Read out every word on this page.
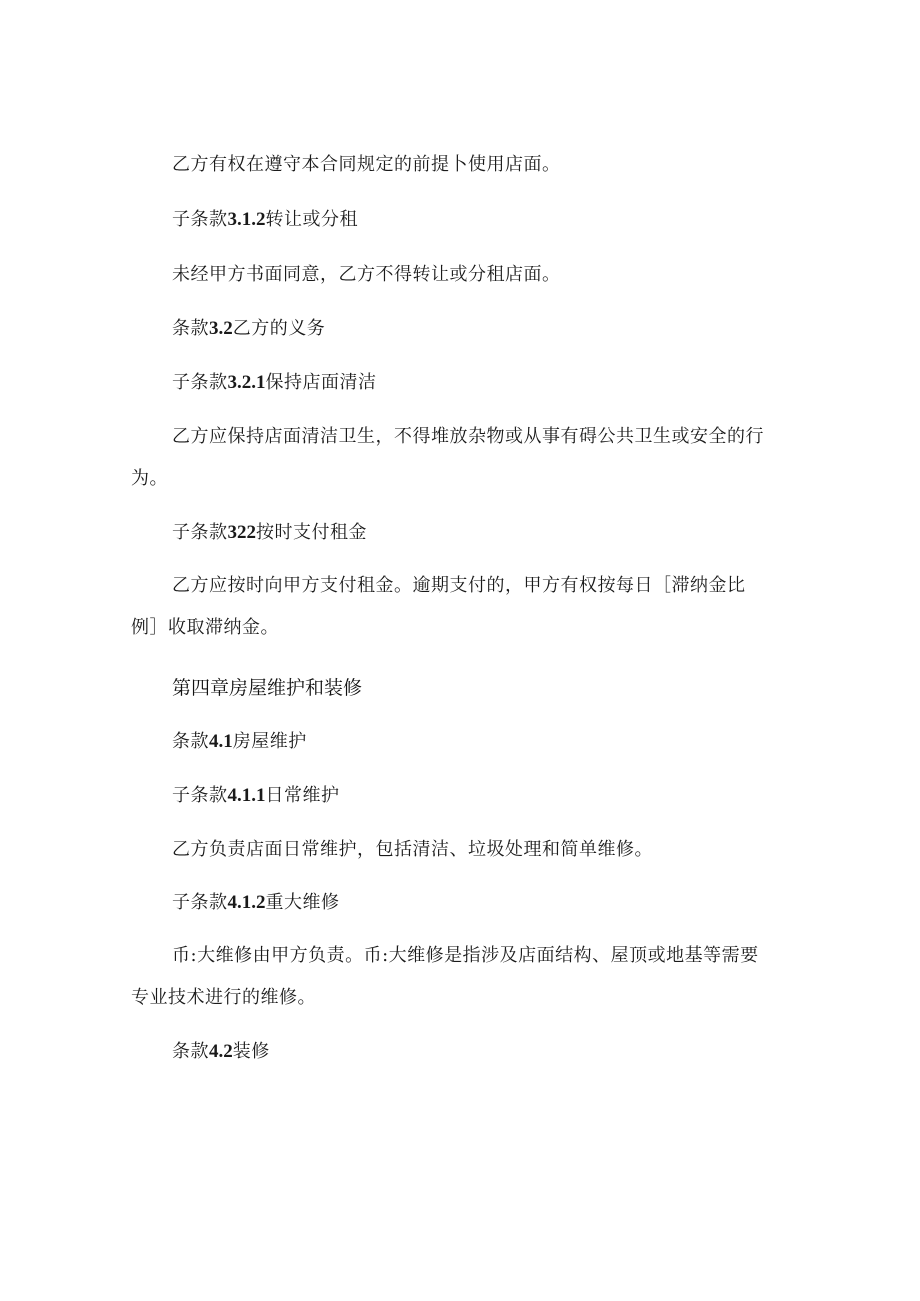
乙方有权在遵守本合同规定的前提卜使用店面。
子条款3.1.2转让或分租
未经甲方书面同意，乙方不得转让或分租店面。
条款3.2乙方的义务
子条款3.2.1保持店面清洁
乙方应保持店面清洁卫生，不得堆放杂物或从事有碍公共卫生或安全的行
为。
子条款322按时支付租金
乙方应按时向甲方支付租金。逾期支付的，甲方有权按每日［滞纳金比
例］收取滞纳金。
第四章房屋维护和装修
条款4.1房屋维护
子条款4.1.1日常维护
乙方负责店面日常维护，包括清洁、垃圾处理和简单维修。
子条款4.1.2重大维修
币:大维修由甲方负责。币:大维修是指涉及店面结构、屋顶或地基等需要
专业技术进行的维修。
条款4.2装修
